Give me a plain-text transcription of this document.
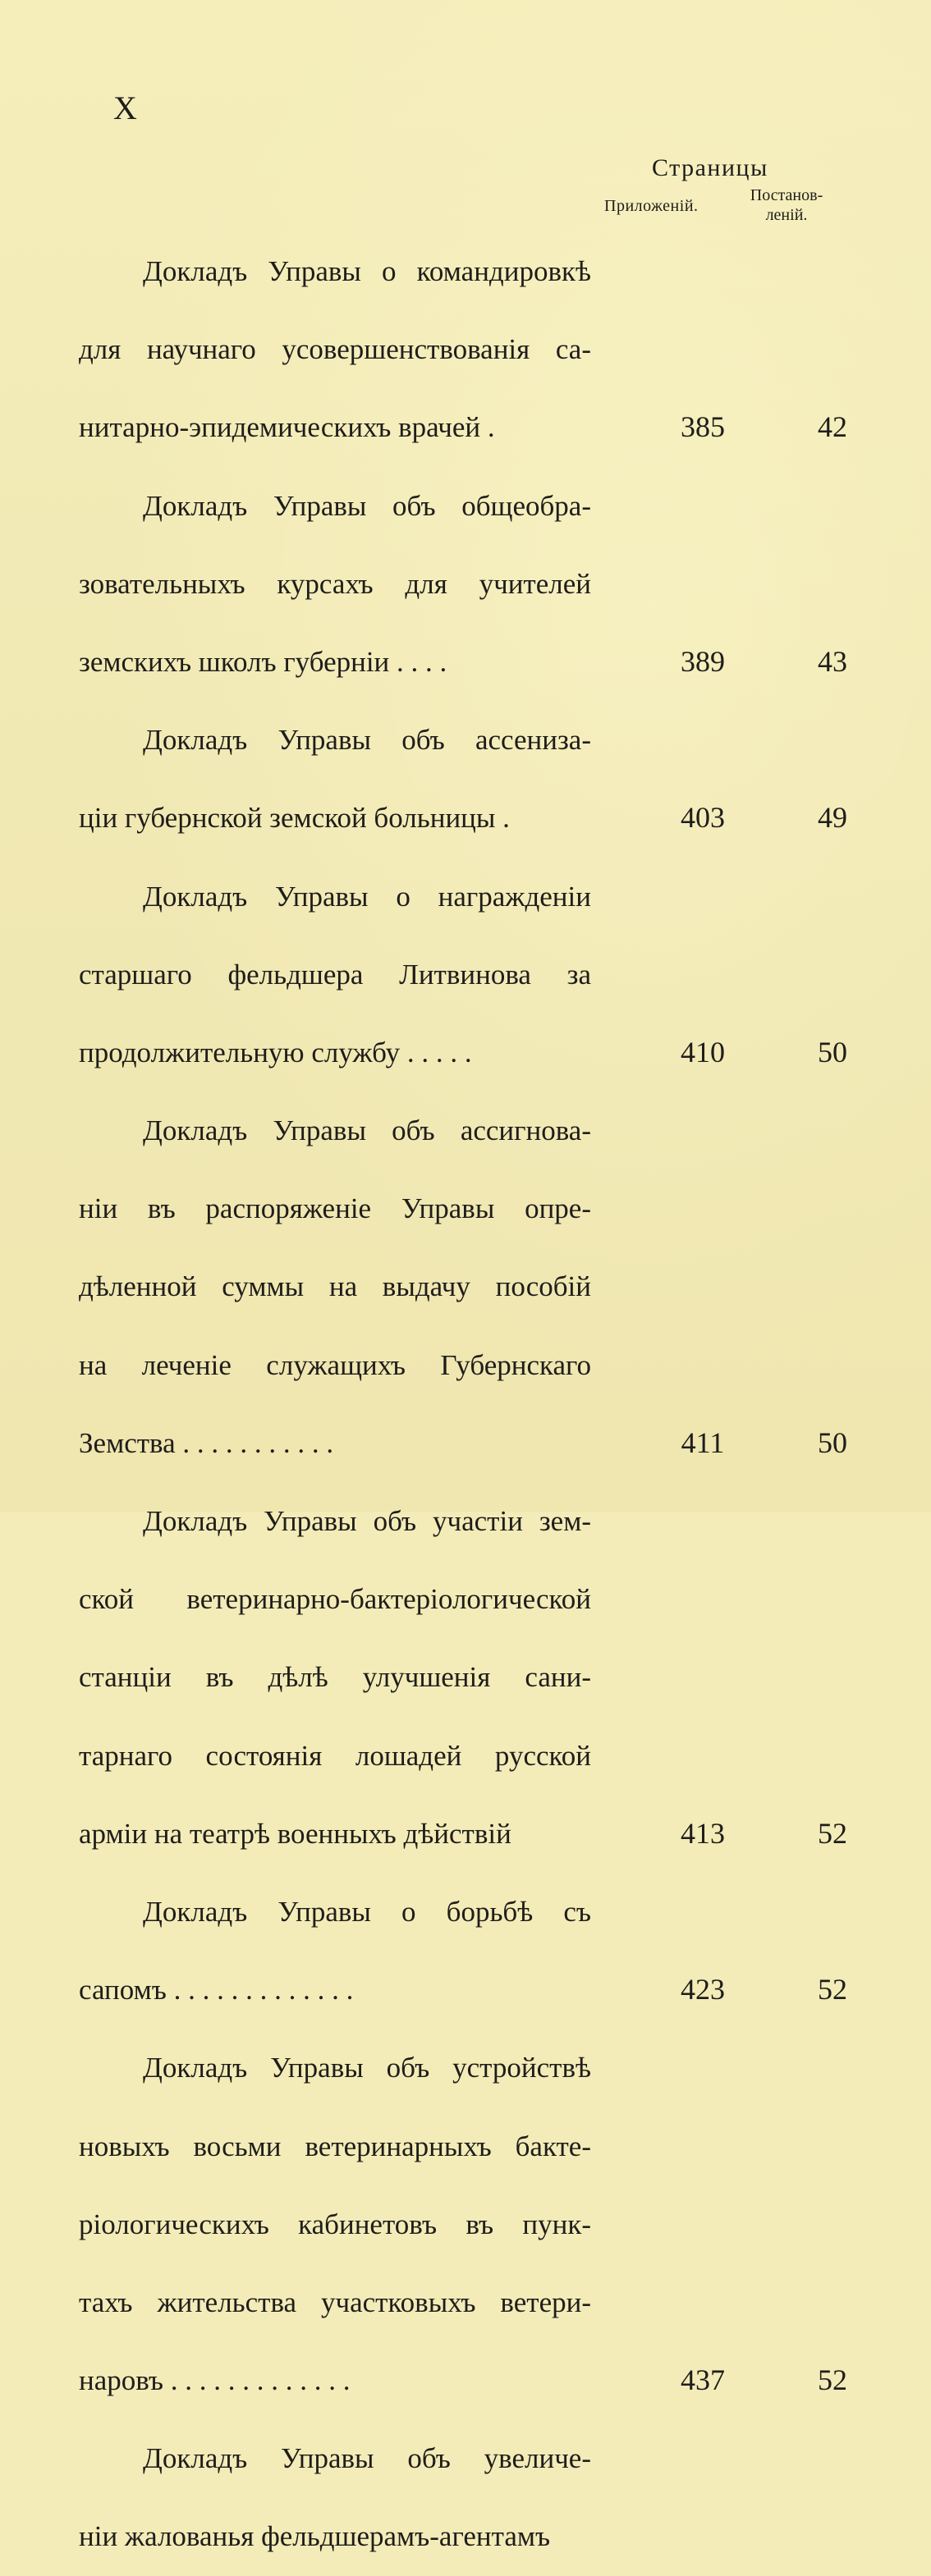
X
Страницы
Приложеній.
Постанов-
леній.
Докладъ Управы о командировкѣ
для научнаго усовершенствованія са-
нитарно-эпидемическихъ врачей .	385	42
Докладъ Управы объ общеобра-
зовательныхъ курсахъ для учителей
земскихъ школъ губерніи . . . .	389	43
Докладъ Управы объ ассениза-
ціи губернской земской больницы .	403	49
Докладъ Управы о награжденіи
старшаго фельдшера Литвинова за
продолжительную службу . . . . .	410	50
Докладъ Управы объ ассигнова-
ніи въ распоряженіе Управы опре-
дѣленной суммы на выдачу пособій
на леченіе служащихъ Губернскаго
Земства . . . . . . . . . . .	411	50
Докладъ Управы объ участіи зем-
ской ветеринарно-бактеріологической
станціи въ дѣлѣ улучшенія сани-
тарнаго состоянія лошадей русской
арміи на театрѣ военныхъ дѣйствій	413	52
Докладъ Управы о борьбѣ съ
сапомъ . . . . . . . . . . . . .	423	52
Докладъ Управы объ устройствѣ
новыхъ восьми ветеринарныхъ бакте-
ріологическихъ кабинетовъ въ пунк-
тахъ жительства участковыхъ ветери-
наровъ . . . . . . . . . . . . .	437	52
Докладъ Управы объ увеличе-
ніи жалованья фельдшерамъ-агентамъ
